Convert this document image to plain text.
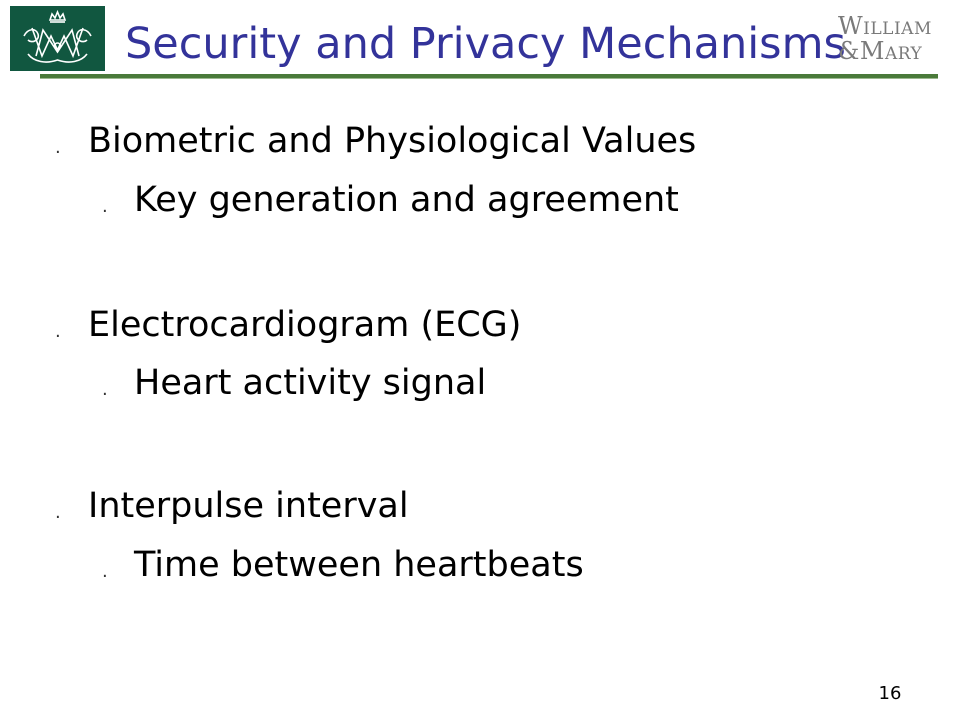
Security and Privacy Mechanisms
William
&Mary
· Biometric and Physiological Values
· Key generation and agreement
· Electrocardiogram (ECG)
· Heart activity signal
· Interpulse interval
· Time between heartbeats
16
